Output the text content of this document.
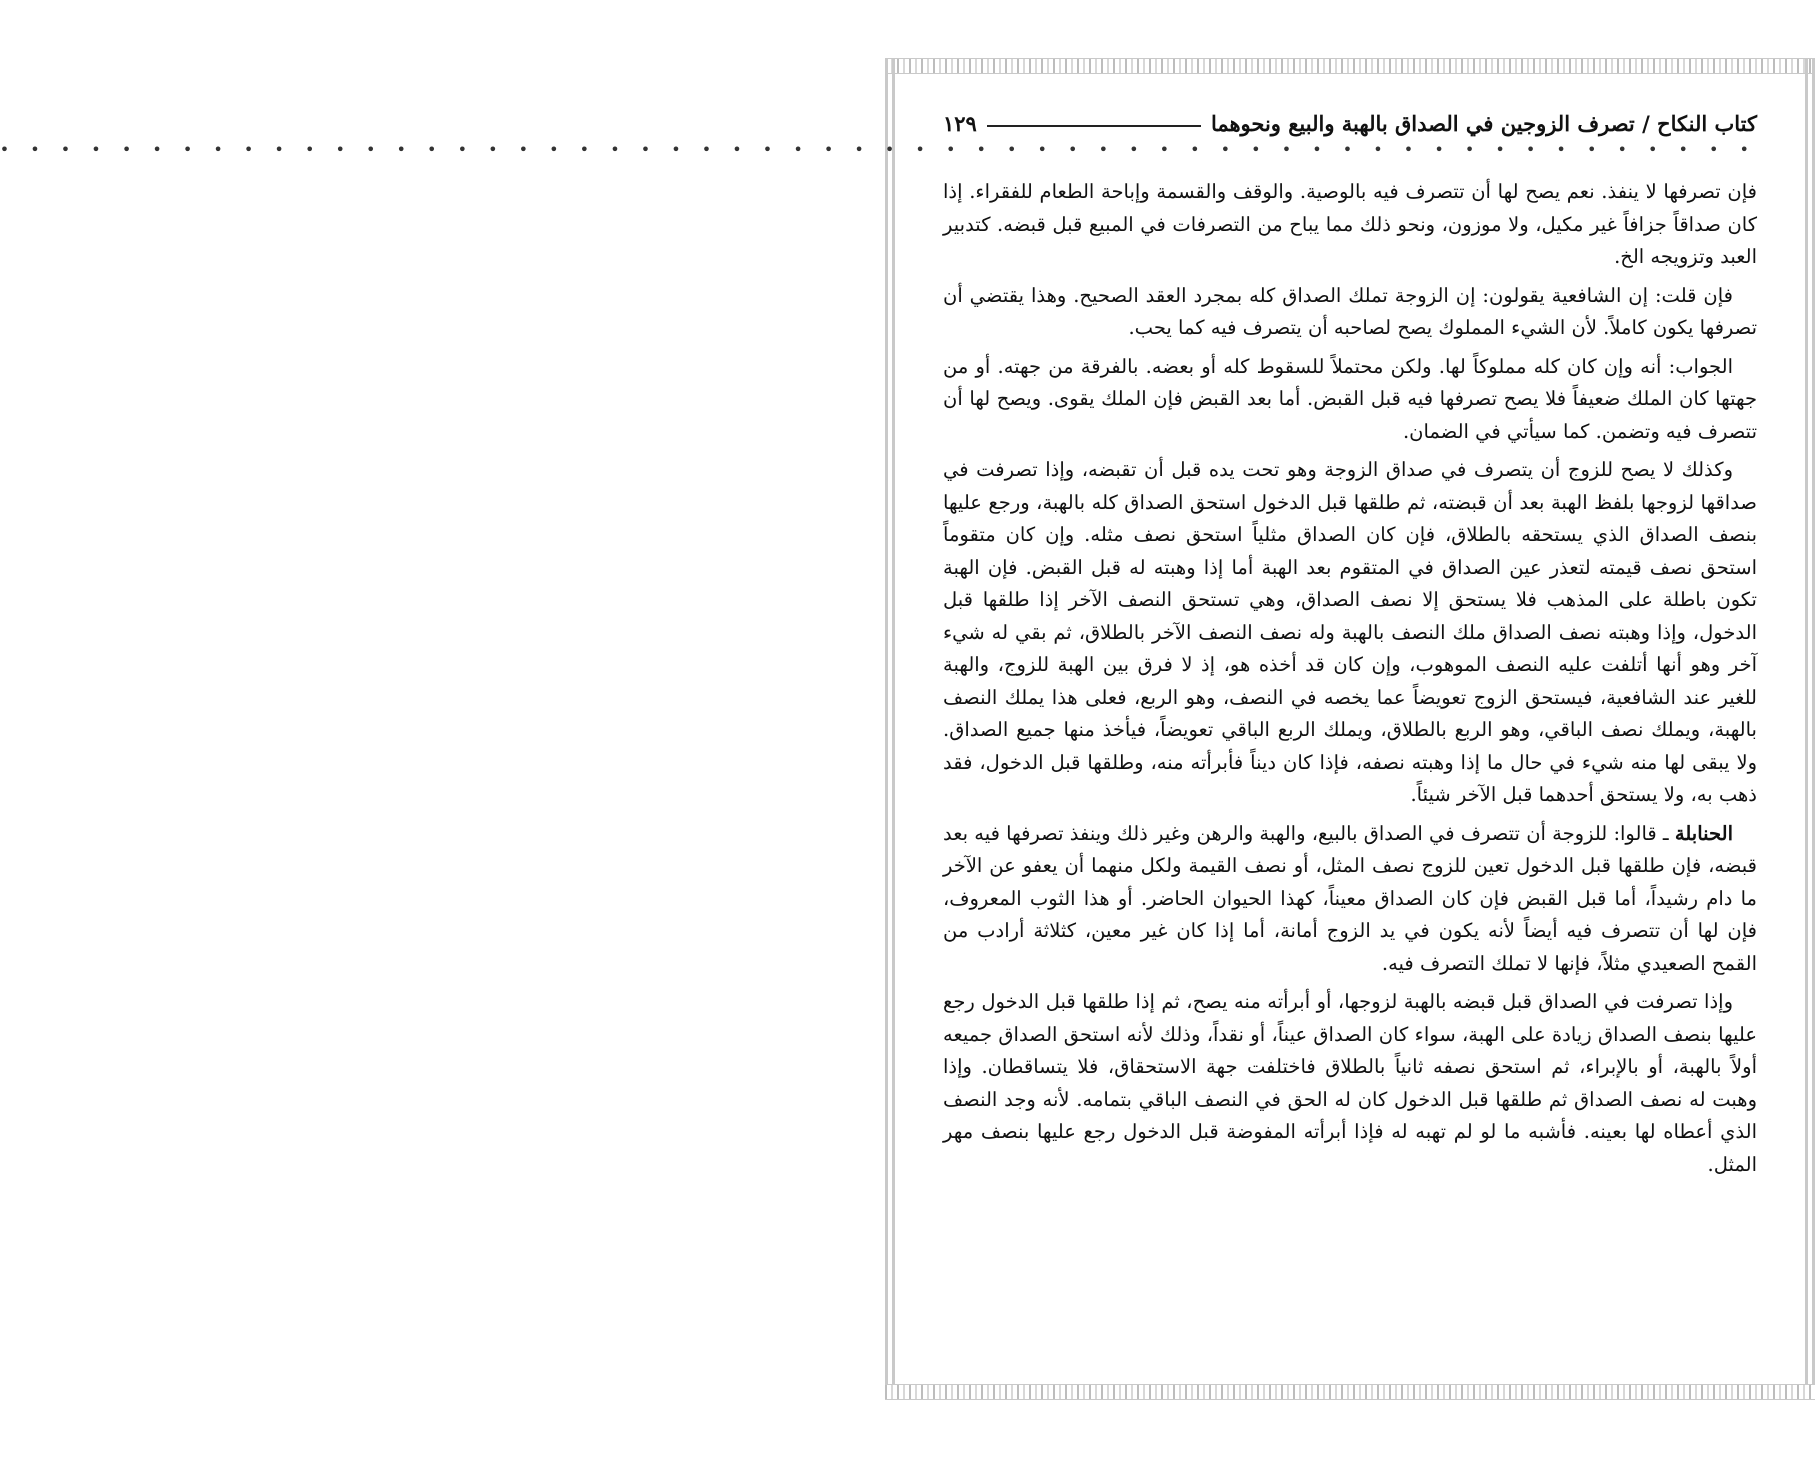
كتاب النكاح / تصرف الزوجين في الصداق بالهبة والبيع ونحوهما
١٢٩
• • • • • • • • • • • • • • • • • • • • • • • • • • • • • • • • • • • • • • • • • • • • • • • • • • • • • • • • • •

فإن تصرفها لا ينفذ. نعم يصح لها أن تتصرف فيه بالوصية. والوقف والقسمة وإباحة الطعام للفقراء. إذا كان صداقاً جزافاً غير مكيل، ولا موزون، ونحو ذلك مما يباح من التصرفات في المبيع قبل قبضه. كتدبير العبد وتزويجه الخ.

فإن قلت: إن الشافعية يقولون: إن الزوجة تملك الصداق كله بمجرد العقد الصحيح. وهذا يقتضي أن تصرفها يكون كاملاً. لأن الشيء المملوك يصح لصاحبه أن يتصرف فيه كما يحب.

الجواب: أنه وإن كان كله مملوكاً لها. ولكن محتملاً للسقوط كله أو بعضه. بالفرقة من جهته. أو من جهتها كان الملك ضعيفاً فلا يصح تصرفها فيه قبل القبض. أما بعد القبض فإن الملك يقوى. ويصح لها أن تتصرف فيه وتضمن. كما سيأتي في الضمان.

وكذلك لا يصح للزوج أن يتصرف في صداق الزوجة وهو تحت يده قبل أن تقبضه، وإذا تصرفت في صداقها لزوجها بلفظ الهبة بعد أن قبضته، ثم طلقها قبل الدخول استحق الصداق كله بالهبة، ورجع عليها بنصف الصداق الذي يستحقه بالطلاق، فإن كان الصداق مثلياً استحق نصف مثله. وإن كان متقوماً استحق نصف قيمته لتعذر عين الصداق في المتقوم بعد الهبة أما إذا وهبته له قبل القبض. فإن الهبة تكون باطلة على المذهب فلا يستحق إلا نصف الصداق، وهي تستحق النصف الآخر إذا طلقها قبل الدخول، وإذا وهبته نصف الصداق ملك النصف بالهبة وله نصف النصف الآخر بالطلاق، ثم بقي له شيء آخر وهو أنها أتلفت عليه النصف الموهوب، وإن كان قد أخذه هو، إذ لا فرق بين الهبة للزوج، والهبة للغير عند الشافعية، فيستحق الزوج تعويضاً عما يخصه في النصف، وهو الربع، فعلى هذا يملك النصف بالهبة، ويملك نصف الباقي، وهو الربع بالطلاق، ويملك الربع الباقي تعويضاً، فيأخذ منها جميع الصداق. ولا يبقى لها منه شيء في حال ما إذا وهبته نصفه، فإذا كان ديناً فأبرأته منه، وطلقها قبل الدخول، فقد ذهب به، ولا يستحق أحدهما قبل الآخر شيئاً.

الحنابلة ـ قالوا: للزوجة أن تتصرف في الصداق بالبيع، والهبة والرهن وغير ذلك وينفذ تصرفها فيه بعد قبضه، فإن طلقها قبل الدخول تعين للزوج نصف المثل، أو نصف القيمة ولكل منهما أن يعفو عن الآخر ما دام رشيداً، أما قبل القبض فإن كان الصداق معيناً، كهذا الحيوان الحاضر. أو هذا الثوب المعروف، فإن لها أن تتصرف فيه أيضاً لأنه يكون في يد الزوج أمانة، أما إذا كان غير معين، كثلاثة أرادب من القمح الصعيدي مثلاً، فإنها لا تملك التصرف فيه.

وإذا تصرفت في الصداق قبل قبضه بالهبة لزوجها، أو أبرأته منه يصح، ثم إذا طلقها قبل الدخول رجع عليها بنصف الصداق زيادة على الهبة، سواء كان الصداق عيناً، أو نقداً، وذلك لأنه استحق الصداق جميعه أولاً بالهبة، أو بالإبراء، ثم استحق نصفه ثانياً بالطلاق فاختلفت جهة الاستحقاق، فلا يتساقطان. وإذا وهبت له نصف الصداق ثم طلقها قبل الدخول كان له الحق في النصف الباقي بتمامه. لأنه وجد النصف الذي أعطاه لها بعينه. فأشبه ما لو لم تهبه له فإذا أبرأته المفوضة قبل الدخول رجع عليها بنصف مهر المثل.
